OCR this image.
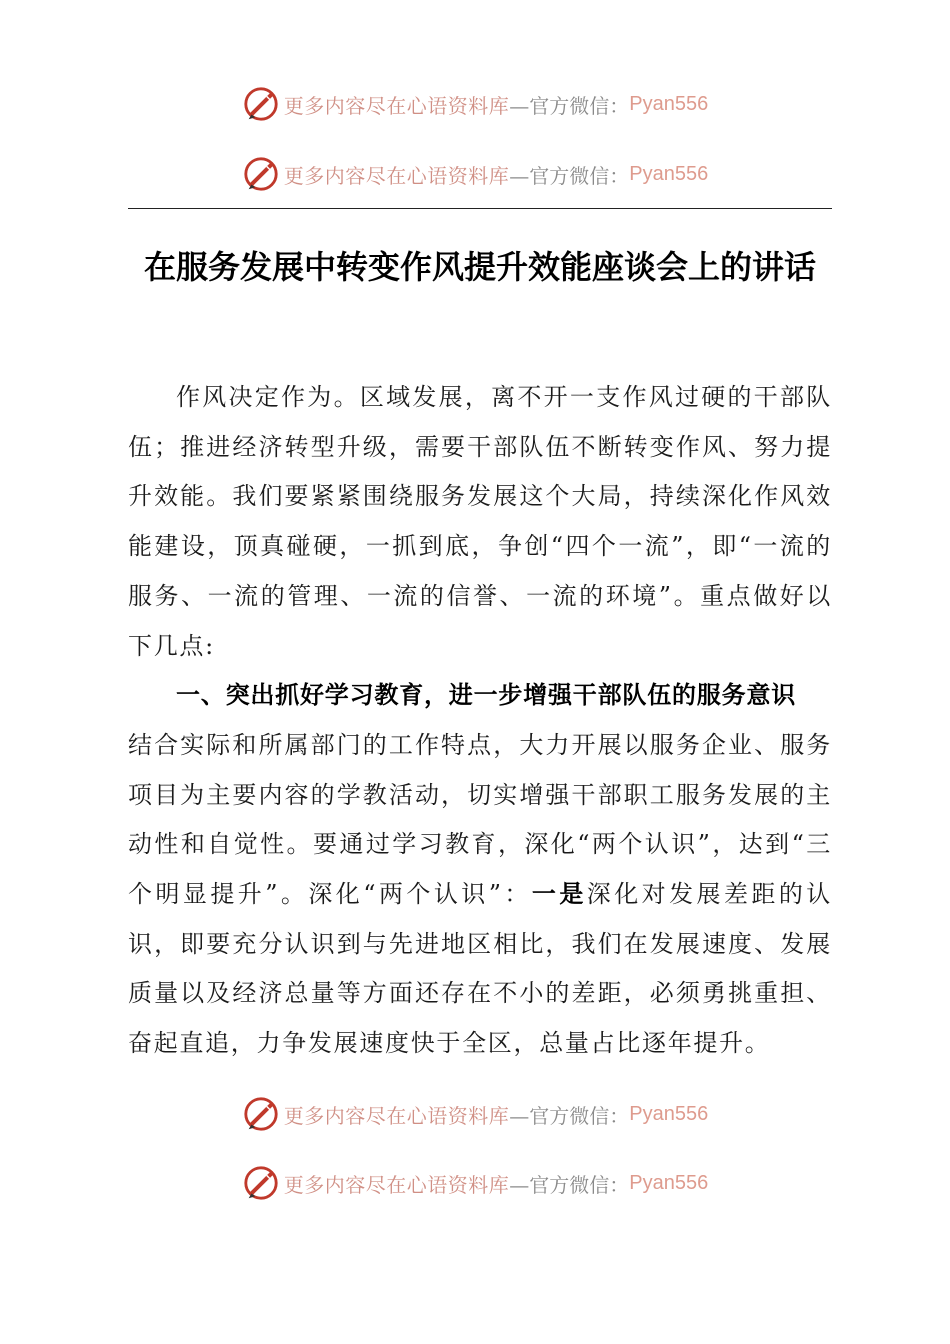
更多内容尽在心语资料库 —官方微信： Pyan556
更多内容尽在心语资料库 —官方微信： Pyan556
在服务发展中转变作风提升效能座谈会上的讲话

作风决定作为。区域发展，离不开一支作风过硬的干部队伍；推进经济转型升级，需要干部队伍不断转变作风、努力提升效能。我们要紧紧围绕服务发展这个大局，持续深化作风效能建设，顶真碰硬，一抓到底，争创“四个一流”，即“一流的服务、一流的管理、一流的信誉、一流的环境”。重点做好以下几点:

一、突出抓好学习教育，进一步增强干部队伍的服务意识

结合实际和所属部门的工作特点，大力开展以服务企业、服务项目为主要内容的学教活动，切实增强干部职工服务发展的主动性和自觉性。要通过学习教育，深化“两个认识”，达到“三个明显提升”。深化“两个认识”：一是深化对发展差距的认识，即要充分认识到与先进地区相比，我们在发展速度、发展质量以及经济总量等方面还存在不小的差距，必须勇挑重担、奋起直追，力争发展速度快于全区，总量占比逐年提升。

更多内容尽在心语资料库 —官方微信： Pyan556
更多内容尽在心语资料库 —官方微信： Pyan556
